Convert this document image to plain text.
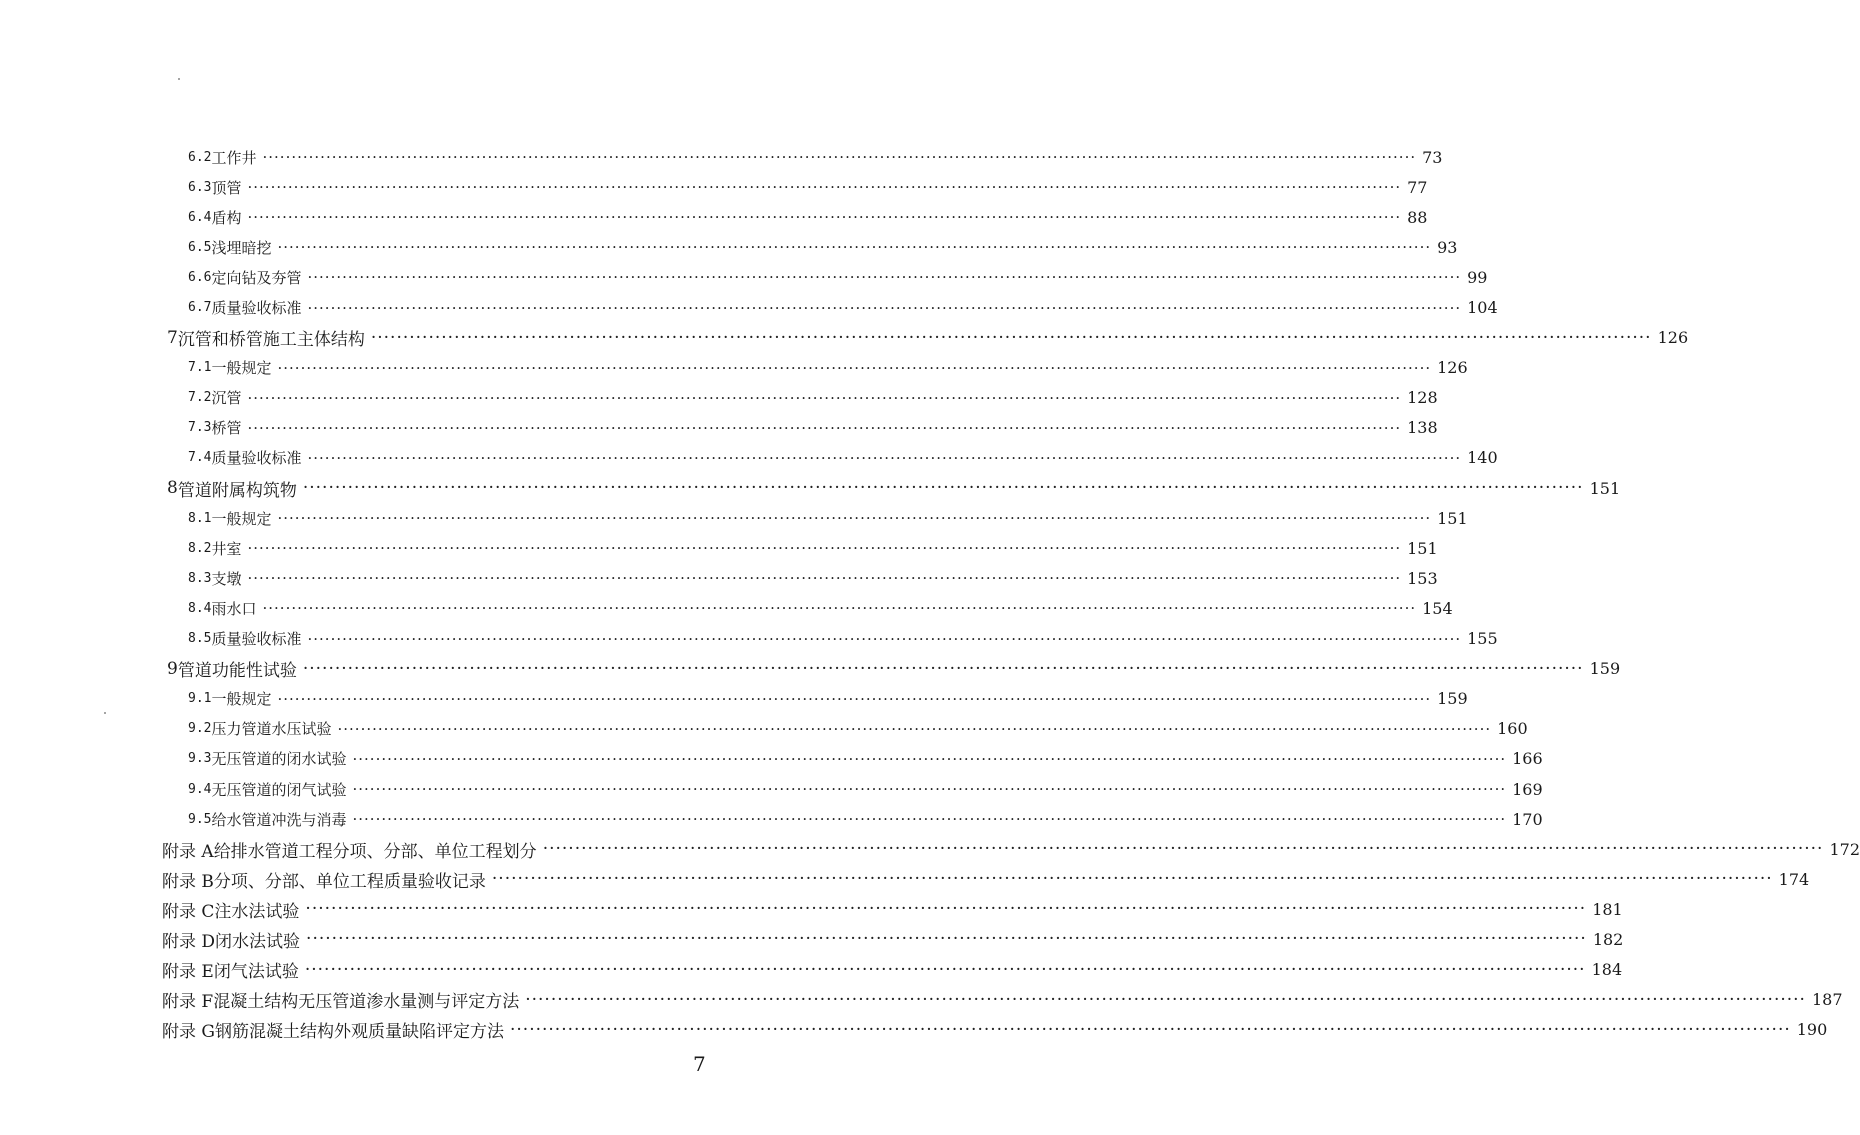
6.2 工作井 ········································································································································································································ 73
6.3 顶管 ········································································································································································································ 77
6.4 盾构 ········································································································································································································ 88
6.5 浅埋暗挖 ········································································································································································································ 93
6.6 定向钻及夯管 ········································································································································································································ 99
6.7 质量验收标准 ········································································································································································································ 104
7 沉管和桥管施工主体结构 ········································································································································································································ 126
7.1 一般规定 ········································································································································································································ 126
7.2 沉管 ········································································································································································································ 128
7.3 桥管 ········································································································································································································ 138
7.4 质量验收标准 ········································································································································································································ 140
8 管道附属构筑物 ········································································································································································································ 151
8.1 一般规定 ········································································································································································································ 151
8.2 井室 ········································································································································································································ 151
8.3 支墩 ········································································································································································································ 153
8.4 雨水口 ········································································································································································································ 154
8.5 质量验收标准 ········································································································································································································ 155
9 管道功能性试验 ········································································································································································································ 159
9.1 一般规定 ········································································································································································································ 159
9.2 压力管道水压试验 ········································································································································································································ 160
9.3 无压管道的闭水试验 ········································································································································································································ 166
9.4 无压管道的闭气试验 ········································································································································································································ 169
9.5 给水管道冲洗与消毒 ········································································································································································································ 170
附录 A 给排水管道工程分项、分部、单位工程划分 ········································································································································································································ 172
附录 B 分项、分部、单位工程质量验收记录 ········································································································································································································ 174
附录 C 注水法试验 ········································································································································································································ 181
附录 D 闭水法试验 ········································································································································································································ 182
附录 E 闭气法试验 ········································································································································································································ 184
附录 F 混凝土结构无压管道渗水量测与评定方法 ········································································································································································································ 187
附录 G 钢筋混凝土结构外观质量缺陷评定方法 ········································································································································································································ 190
7
